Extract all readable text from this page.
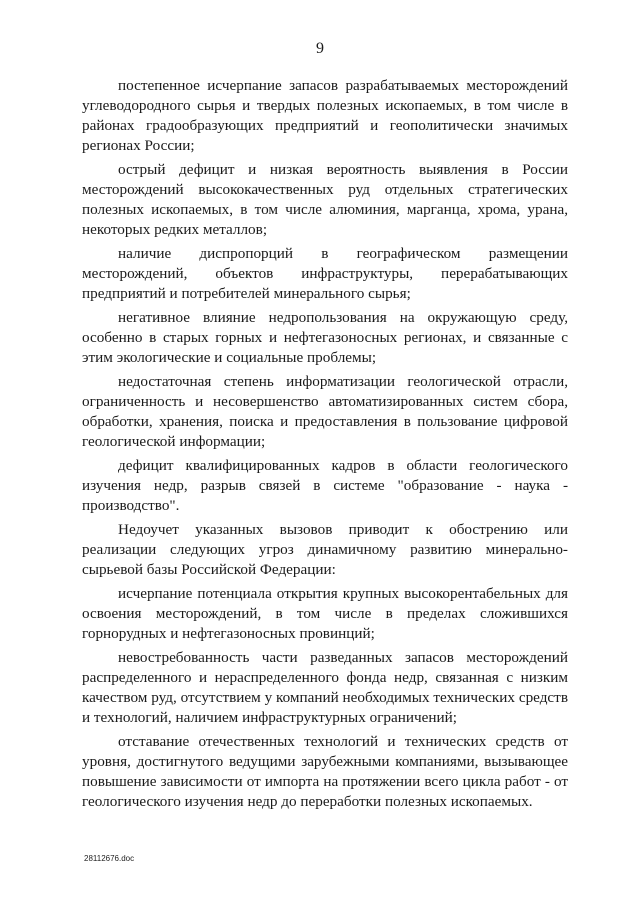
9

постепенное исчерпание запасов разрабатываемых месторождений углеводородного сырья и твердых полезных ископаемых, в том числе в районах градообразующих предприятий и геополитически значимых регионах России;

острый дефицит и низкая вероятность выявления в России месторождений высококачественных руд отдельных стратегических полезных ископаемых, в том числе алюминия, марганца, хрома, урана, некоторых редких металлов;

наличие диспропорций в географическом размещении месторождений, объектов инфраструктуры, перерабатывающих предприятий и потребителей минерального сырья;

негативное влияние недропользования на окружающую среду, особенно в старых горных и нефтегазоносных регионах, и связанные с этим экологические и социальные проблемы;

недостаточная степень информатизации геологической отрасли, ограниченность и несовершенство автоматизированных систем сбора, обработки, хранения, поиска и предоставления в пользование цифровой геологической информации;

дефицит квалифицированных кадров в области геологического изучения недр, разрыв связей в системе "образование - наука - производство".

Недоучет указанных вызовов приводит к обострению или реализации следующих угроз динамичному развитию минерально-сырьевой базы Российской Федерации:

исчерпание потенциала открытия крупных высокорентабельных для освоения месторождений, в том числе в пределах сложившихся горнорудных и нефтегазоносных провинций;

невостребованность части разведанных запасов месторождений распределенного и нераспределенного фонда недр, связанная с низким качеством руд, отсутствием у компаний необходимых технических средств и технологий, наличием инфраструктурных ограничений;

отставание отечественных технологий и технических средств от уровня, достигнутого ведущими зарубежными компаниями, вызывающее повышение зависимости от импорта на протяжении всего цикла работ - от геологического изучения недр до переработки полезных ископаемых.

28112676.doc
